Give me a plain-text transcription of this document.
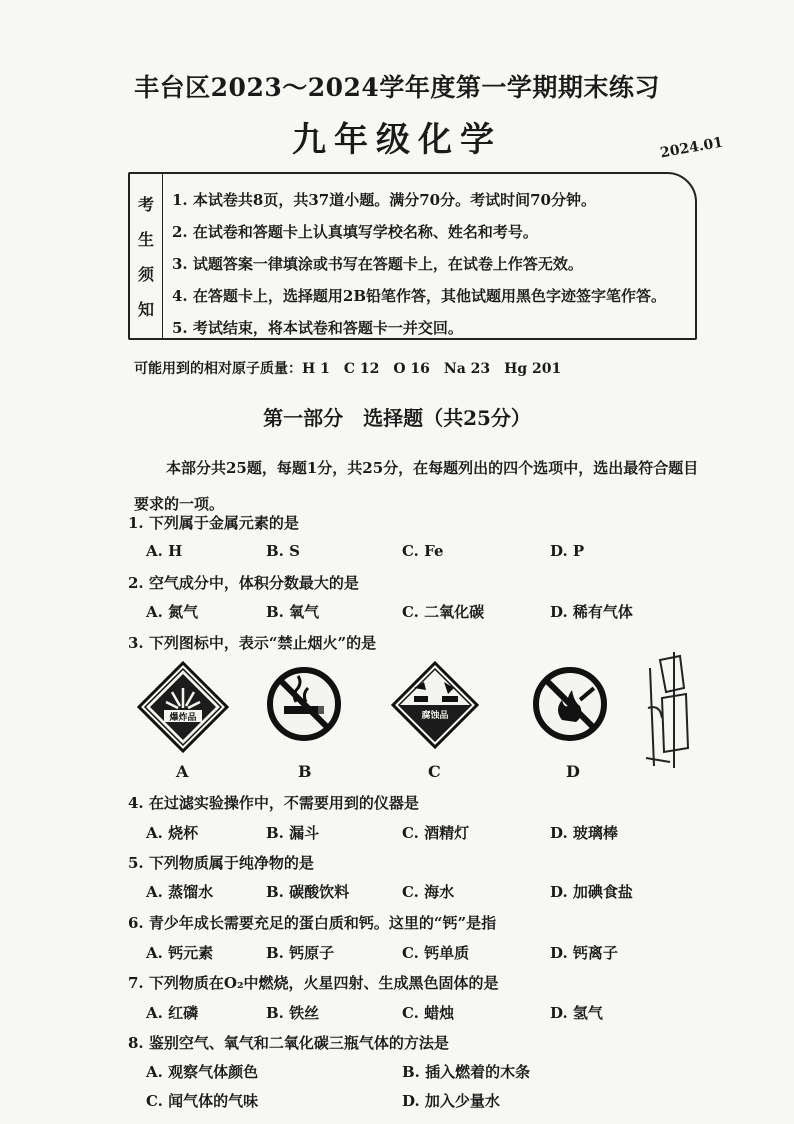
丰台区2023～2024学年度第一学期期末练习
九年级化学	2024.01
考
生
须
知
1. 本试卷共8页，共37道小题。满分70分。考试时间70分钟。
2. 在试卷和答题卡上认真填写学校名称、姓名和考号。
3. 试题答案一律填涂或书写在答题卡上，在试卷上作答无效。
4. 在答题卡上，选择题用2B铅笔作答，其他试题用黑色字迹签字笔作答。
5. 考试结束，将本试卷和答题卡一并交回。
可能用到的相对原子质量：H 1　C 12　O 16　Na 23　Hg 201
第一部分　选择题（共25分）
本部分共25题，每题1分，共25分，在每题列出的四个选项中，选出最符合题目要求的一项。
1. 下列属于金属元素的是
A. H	B. S	C. Fe	D. P
2. 空气成分中，体积分数最大的是
A. 氮气	B. 氧气	C. 二氧化碳	D. 稀有气体
3. 下列图标中，表示“禁止烟火”的是
爆炸品	腐蚀品
A	B	C	D
4. 在过滤实验操作中，不需要用到的仪器是
A. 烧杯	B. 漏斗	C. 酒精灯	D. 玻璃棒
5. 下列物质属于纯净物的是
A. 蒸馏水	B. 碳酸饮料	C. 海水	D. 加碘食盐
6. 青少年成长需要充足的蛋白质和钙。这里的“钙”是指
A. 钙元素	B. 钙原子	C. 钙单质	D. 钙离子
7. 下列物质在O₂中燃烧，火星四射、生成黑色固体的是
A. 红磷	B. 铁丝	C. 蜡烛	D. 氢气
8. 鉴别空气、氧气和二氧化碳三瓶气体的方法是
A. 观察气体颜色	B. 插入燃着的木条
C. 闻气体的气味	D. 加入少量水
